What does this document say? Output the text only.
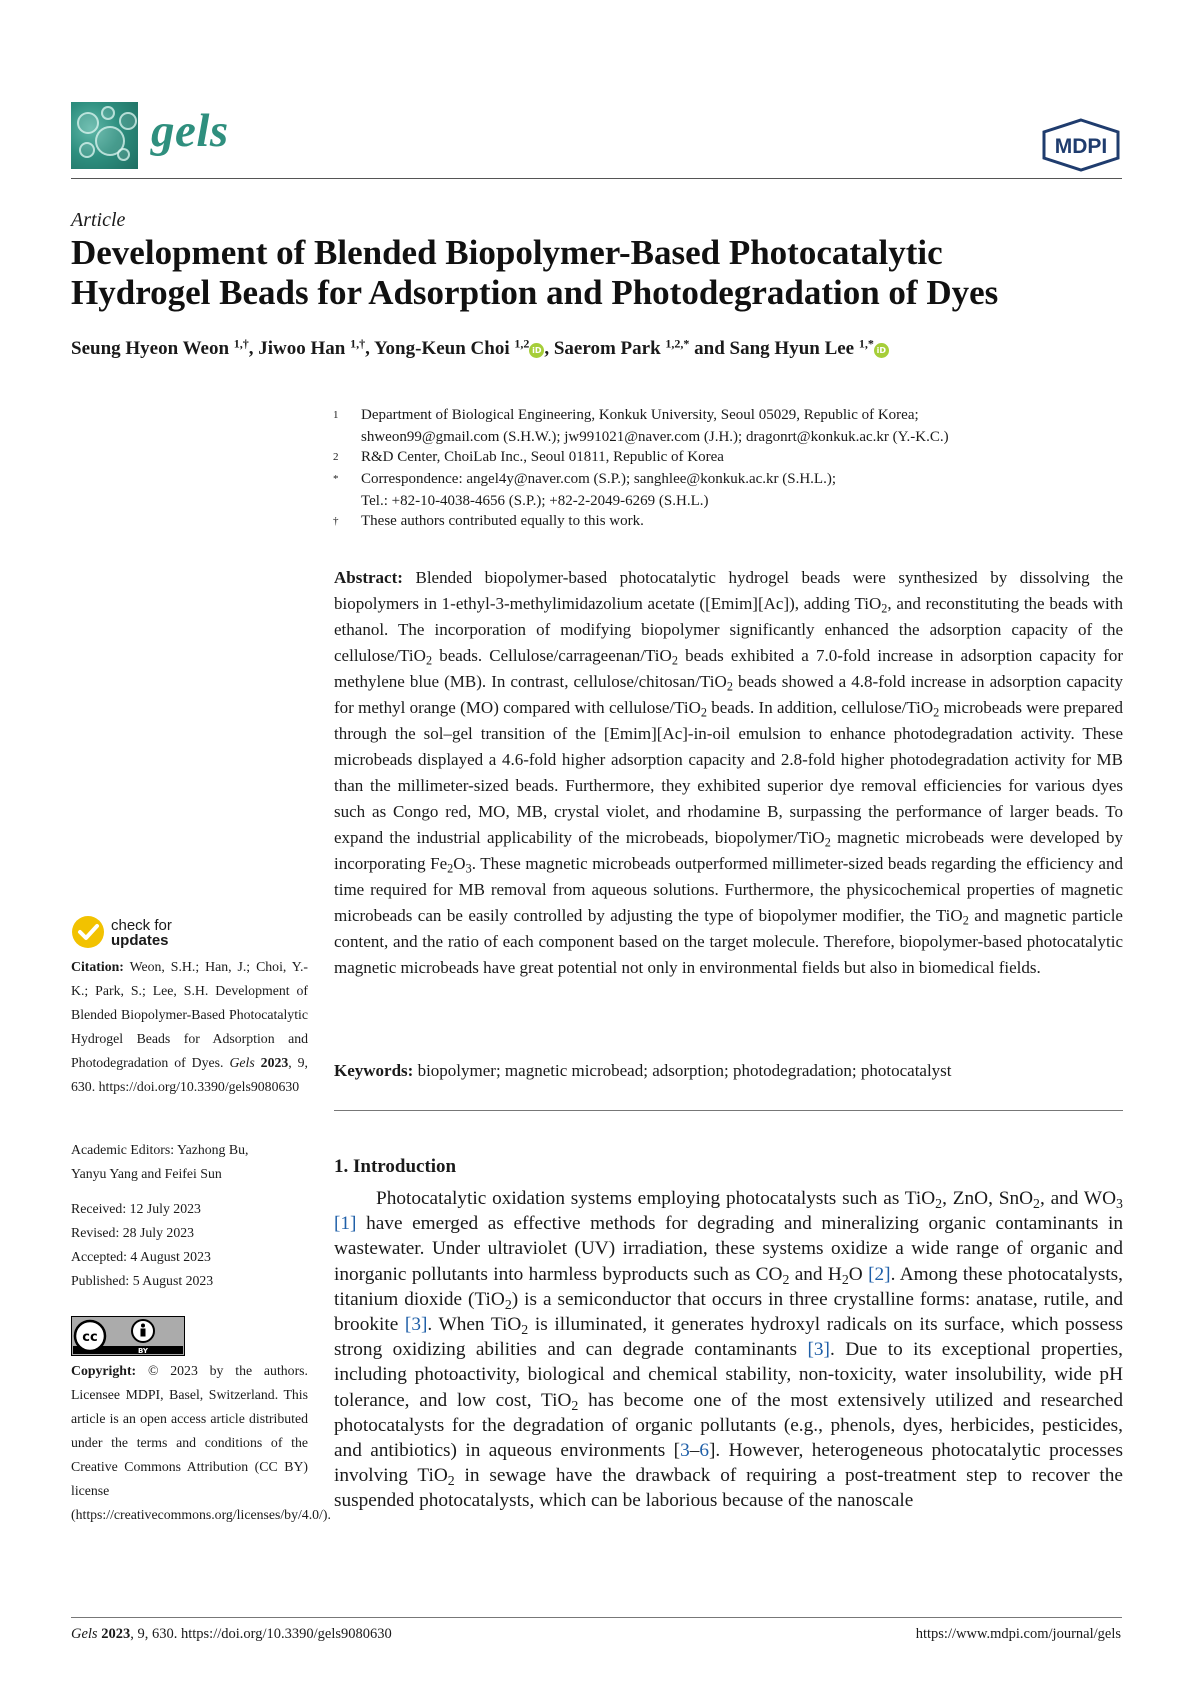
gels	MDPI
Article
Development of Blended Biopolymer-Based Photocatalytic
Hydrogel Beads for Adsorption and Photodegradation of Dyes
Seung Hyeon Weon $^{1,\dagger}$, Jiwoo Han $^{1,\dagger}$, Yong-Keun Choi $^{1,2}$iD , Saerom Park $^{1,2,*}$ and Sang Hyun Lee $^{1,*}$iD
1 Department of Biological Engineering, Konkuk University, Seoul 05029, Republic of Korea;
shweon99@gmail.com (S.H.W.); jw991021@naver.com (J.H.); dragonrt@konkuk.ac.kr (Y.-K.C.)
2 R&D Center, ChoiLab Inc., Seoul 01811, Republic of Korea
* Correspondence: angel4y@naver.com (S.P.); sanghlee@konkuk.ac.kr (S.H.L.);
Tel.: +82-10-4038-4656 (S.P.); +82-2-2049-6269 (S.H.L.)
† These authors contributed equally to this work.
Abstract: Blended biopolymer-based photocatalytic hydrogel beads were synthesized by dissolving the biopolymers in 1-ethyl-3-methylimidazolium acetate ([Emim][Ac]), adding TiO$_2$, and reconstituting the beads with ethanol. The incorporation of modifying biopolymer significantly enhanced the adsorption capacity of the cellulose/TiO$_2$ beads. Cellulose/carrageenan/TiO$_2$ beads exhibited a 7.0-fold increase in adsorption capacity for methylene blue (MB). In contrast, cellulose/chitosan/TiO$_2$ beads showed a 4.8-fold increase in adsorption capacity for methyl orange (MO) compared with cellulose/TiO$_2$ beads. In addition, cellulose/TiO$_2$ microbeads were prepared through the sol–gel transition of the [Emim][Ac]-in-oil emulsion to enhance photodegradation activity. These microbeads displayed a 4.6-fold higher adsorption capacity and 2.8-fold higher photodegradation activity for MB than the millimeter-sized beads. Furthermore, they exhibited superior dye removal efficiencies for various dyes such as Congo red, MO, MB, crystal violet, and rhodamine B, surpassing the performance of larger beads. To expand the industrial applicability of the microbeads, biopolymer/TiO$_2$ magnetic microbeads were developed by incorporating $Fe_2O_3$. These magnetic microbeads outperformed millimeter-sized beads regarding the efficiency and time required for MB removal from aqueous solutions. Furthermore, the physicochemical properties of magnetic microbeads can be easily controlled by adjusting the type of biopolymer modifier, the TiO$_2$ and magnetic particle content, and the ratio of each component based on the target molecule. Therefore, biopolymer-based photocatalytic magnetic microbeads have great potential not only in environmental fields but also in biomedical fields.
Keywords: biopolymer; magnetic microbead; adsorption; photodegradation; photocatalyst
1. Introduction
Photocatalytic oxidation systems employing photocatalysts such as TiO$_2$, ZnO, SnO$_2$, and $WO_3$ [1] have emerged as effective methods for degrading and mineralizing organic contaminants in wastewater. Under ultraviolet (UV) irradiation, these systems oxidize a wide range of organic and inorganic pollutants into harmless byproducts such as $CO_2$ and $H_2O$ [2]. Among these photocatalysts, titanium dioxide (TiO$_2$) is a semiconductor that occurs in three crystalline forms: anatase, rutile, and brookite [3]. When TiO$_2$ is illuminated, it generates hydroxyl radicals on its surface, which possess strong oxidizing abilities and can degrade contaminants [3]. Due to its exceptional properties, including photoactivity, biological and chemical stability, non-toxicity, water insolubility, wide pH tolerance, and low cost, TiO$_2$ has become one of the most extensively utilized and researched photocatalysts for the degradation of organic pollutants (e.g., phenols, dyes, herbicides, pesticides, and antibiotics) in aqueous environments [3–6]. However, heterogeneous photocatalytic processes involving TiO$_2$ in sewage have the drawback of requiring a post-treatment step to recover the suspended photocatalysts, which can be laborious because of the nanoscale
check for
updates
Citation: Weon, S.H.; Han, J.; Choi, Y.-K.; Park, S.; Lee, S.H. Development of Blended Biopolymer-Based Photocatalytic Hydrogel Beads for Adsorption and Photodegradation of Dyes. Gels 2023, 9, 630. https://doi.org/10.3390/gels9080630
Academic Editors: Yazhong Bu,
Yanyu Yang and Feifei Sun
Received: 12 July 2023
Revised: 28 July 2023
Accepted: 4 August 2023
Published: 5 August 2023
cc
BY
Copyright: © 2023 by the authors. Licensee MDPI, Basel, Switzerland. This article is an open access article distributed under the terms and conditions of the Creative Commons Attribution (CC BY) license (https://creativecommons.org/licenses/by/4.0/).
Gels 2023, 9, 630. https://doi.org/10.3390/gels9080630	https://www.mdpi.com/journal/gels
